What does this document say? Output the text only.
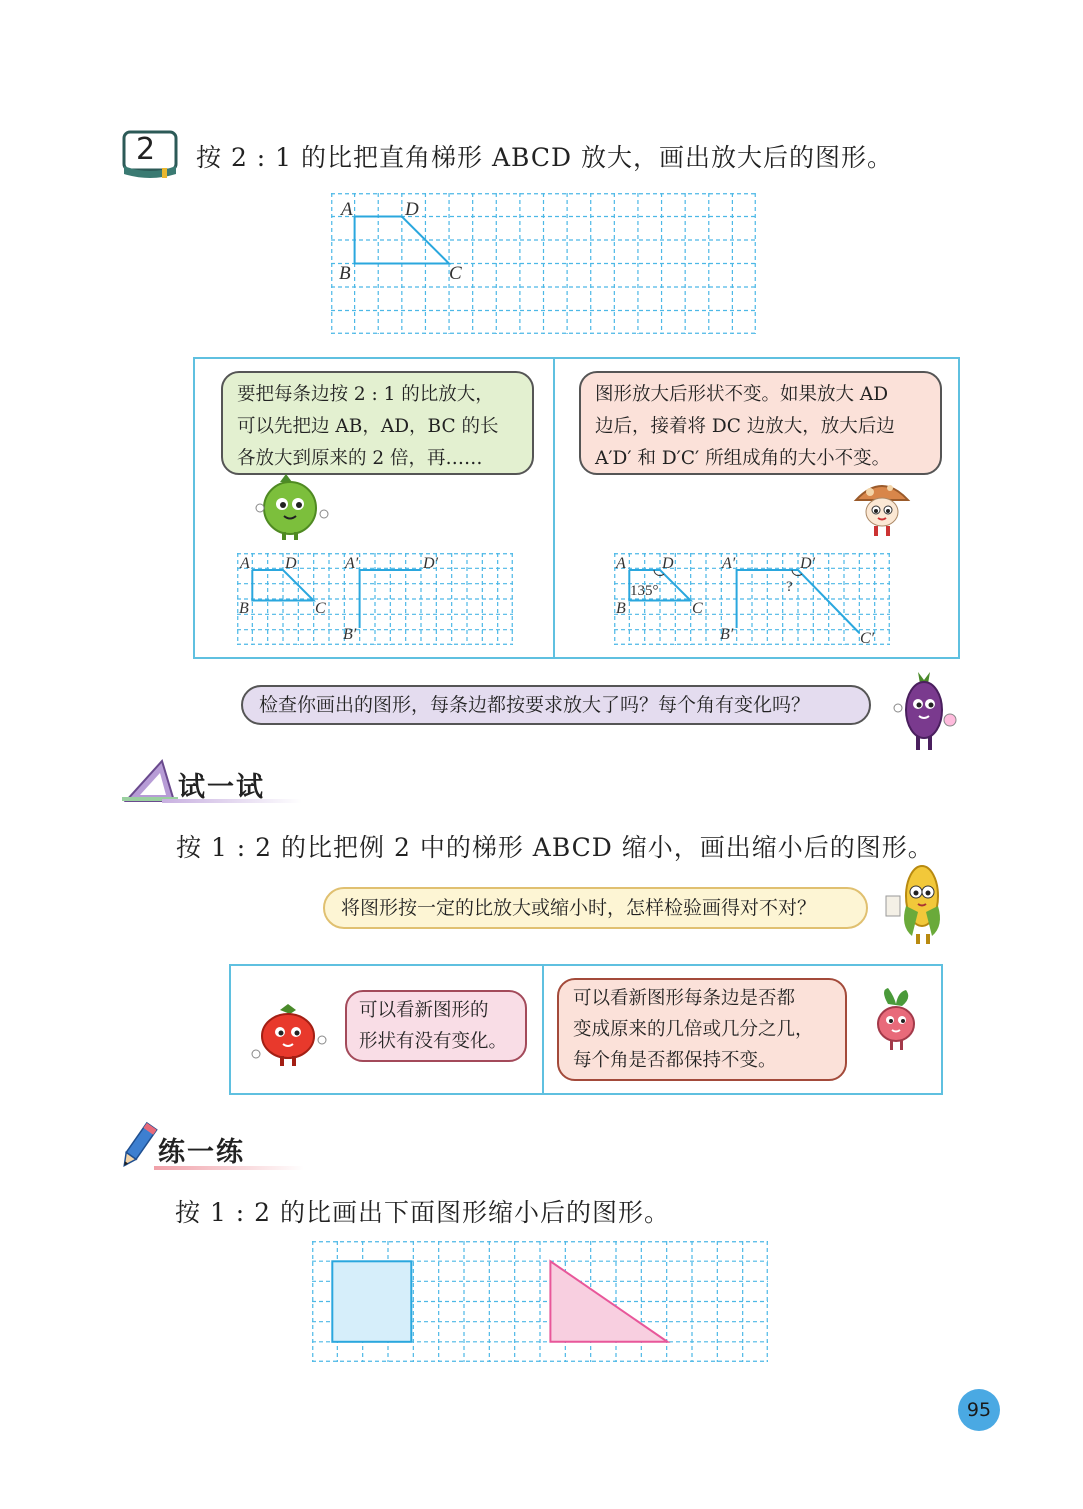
2 按 2 : 1 的比把直角梯形 ABCD 放大，画出放大后的图形。
A	D
B	C
要把每条边按 2 : 1 的比放大，
可以先把边 AB，AD，BC 的长
各放大到原来的 2 倍，再……
A D
B	C
A′	D′
B′
图形放大后形状不变。如果放大 AD
边后，接着将 DC 边放大，放大后边
A′D′ 和 D′C′ 所组成角的大小不变。
A D
B	C
135°	?
A′	D′
B′	C′
检查你画出的图形，每条边都按要求放大了吗？每个角有变化吗？
试一试
按 1 : 2 的比把例 2 中的梯形 ABCD 缩小，画出缩小后的图形。
将图形按一定的比放大或缩小时，怎样检验画得对不对？
可以看新图形的
形状有没有变化。
可以看新图形每条边是否都
变成原来的几倍或几分之几，
每个角是否都保持不变。
练一练
按 1 : 2 的比画出下面图形缩小后的图形。
95
